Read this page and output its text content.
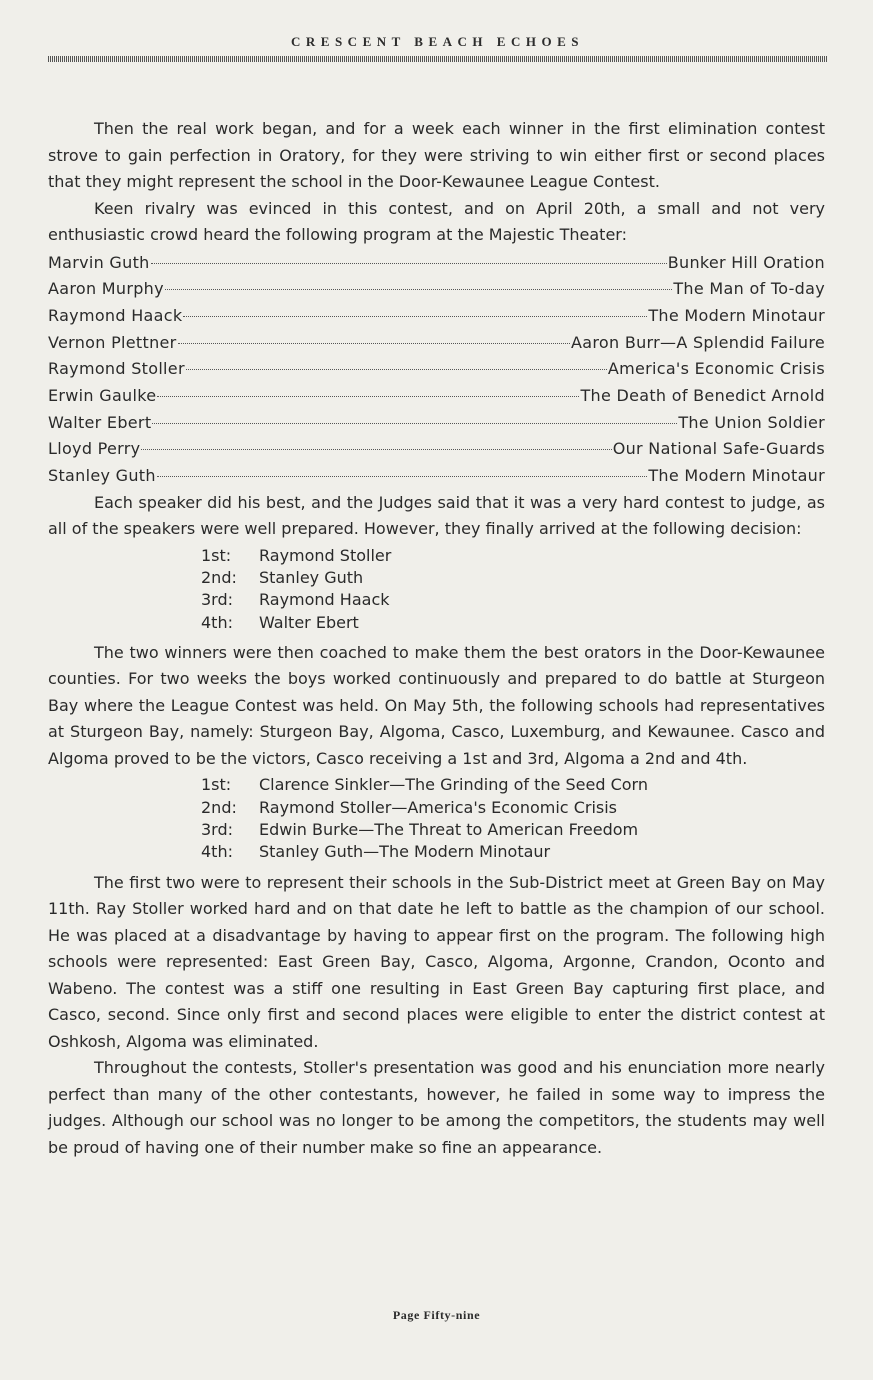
CRESCENT BEACH ECHOES

Then the real work began, and for a week each winner in the first elimination contest strove to gain perfection in Oratory, for they were striving to win either first or second places that they might represent the school in the Door-Kewaunee League Contest.

Keen rivalry was evinced in this contest, and on April 20th, a small and not very enthusiastic crowd heard the following program at the Majestic Theater:

Marvin Guth	Bunker Hill Oration
Aaron Murphy	The Man of To-day
Raymond Haack	The Modern Minotaur
Vernon Plettner	Aaron Burr—A Splendid Failure
Raymond Stoller	America's Economic Crisis
Erwin Gaulke	The Death of Benedict Arnold
Walter Ebert	The Union Soldier
Lloyd Perry	Our National Safe-Guards
Stanley Guth	The Modern Minotaur

Each speaker did his best, and the Judges said that it was a very hard contest to judge, as all of the speakers were well prepared. However, they finally arrived at the following decision:

1st:	Raymond Stoller
2nd:	Stanley Guth
3rd:	Raymond Haack
4th:	Walter Ebert

The two winners were then coached to make them the best orators in the Door-Kewaunee counties. For two weeks the boys worked continuously and prepared to do battle at Sturgeon Bay where the League Contest was held. On May 5th, the following schools had representatives at Sturgeon Bay, namely: Sturgeon Bay, Algoma, Casco, Luxemburg, and Kewaunee. Casco and Algoma proved to be the victors, Casco receiving a 1st and 3rd, Algoma a 2nd and 4th.

1st:	Clarence Sinkler—The Grinding of the Seed Corn
2nd:	Raymond Stoller—America's Economic Crisis
3rd:	Edwin Burke—The Threat to American Freedom
4th:	Stanley Guth—The Modern Minotaur

The first two were to represent their schools in the Sub-District meet at Green Bay on May 11th. Ray Stoller worked hard and on that date he left to battle as the champion of our school. He was placed at a disadvantage by having to appear first on the program. The following high schools were represented: East Green Bay, Casco, Algoma, Argonne, Crandon, Oconto and Wabeno. The contest was a stiff one resulting in East Green Bay capturing first place, and Casco, second. Since only first and second places were eligible to enter the district contest at Oshkosh, Algoma was eliminated.

Throughout the contests, Stoller's presentation was good and his enunciation more nearly perfect than many of the other contestants, however, he failed in some way to impress the judges. Although our school was no longer to be among the competitors, the students may well be proud of having one of their number make so fine an appearance.

Page Fifty-nine
